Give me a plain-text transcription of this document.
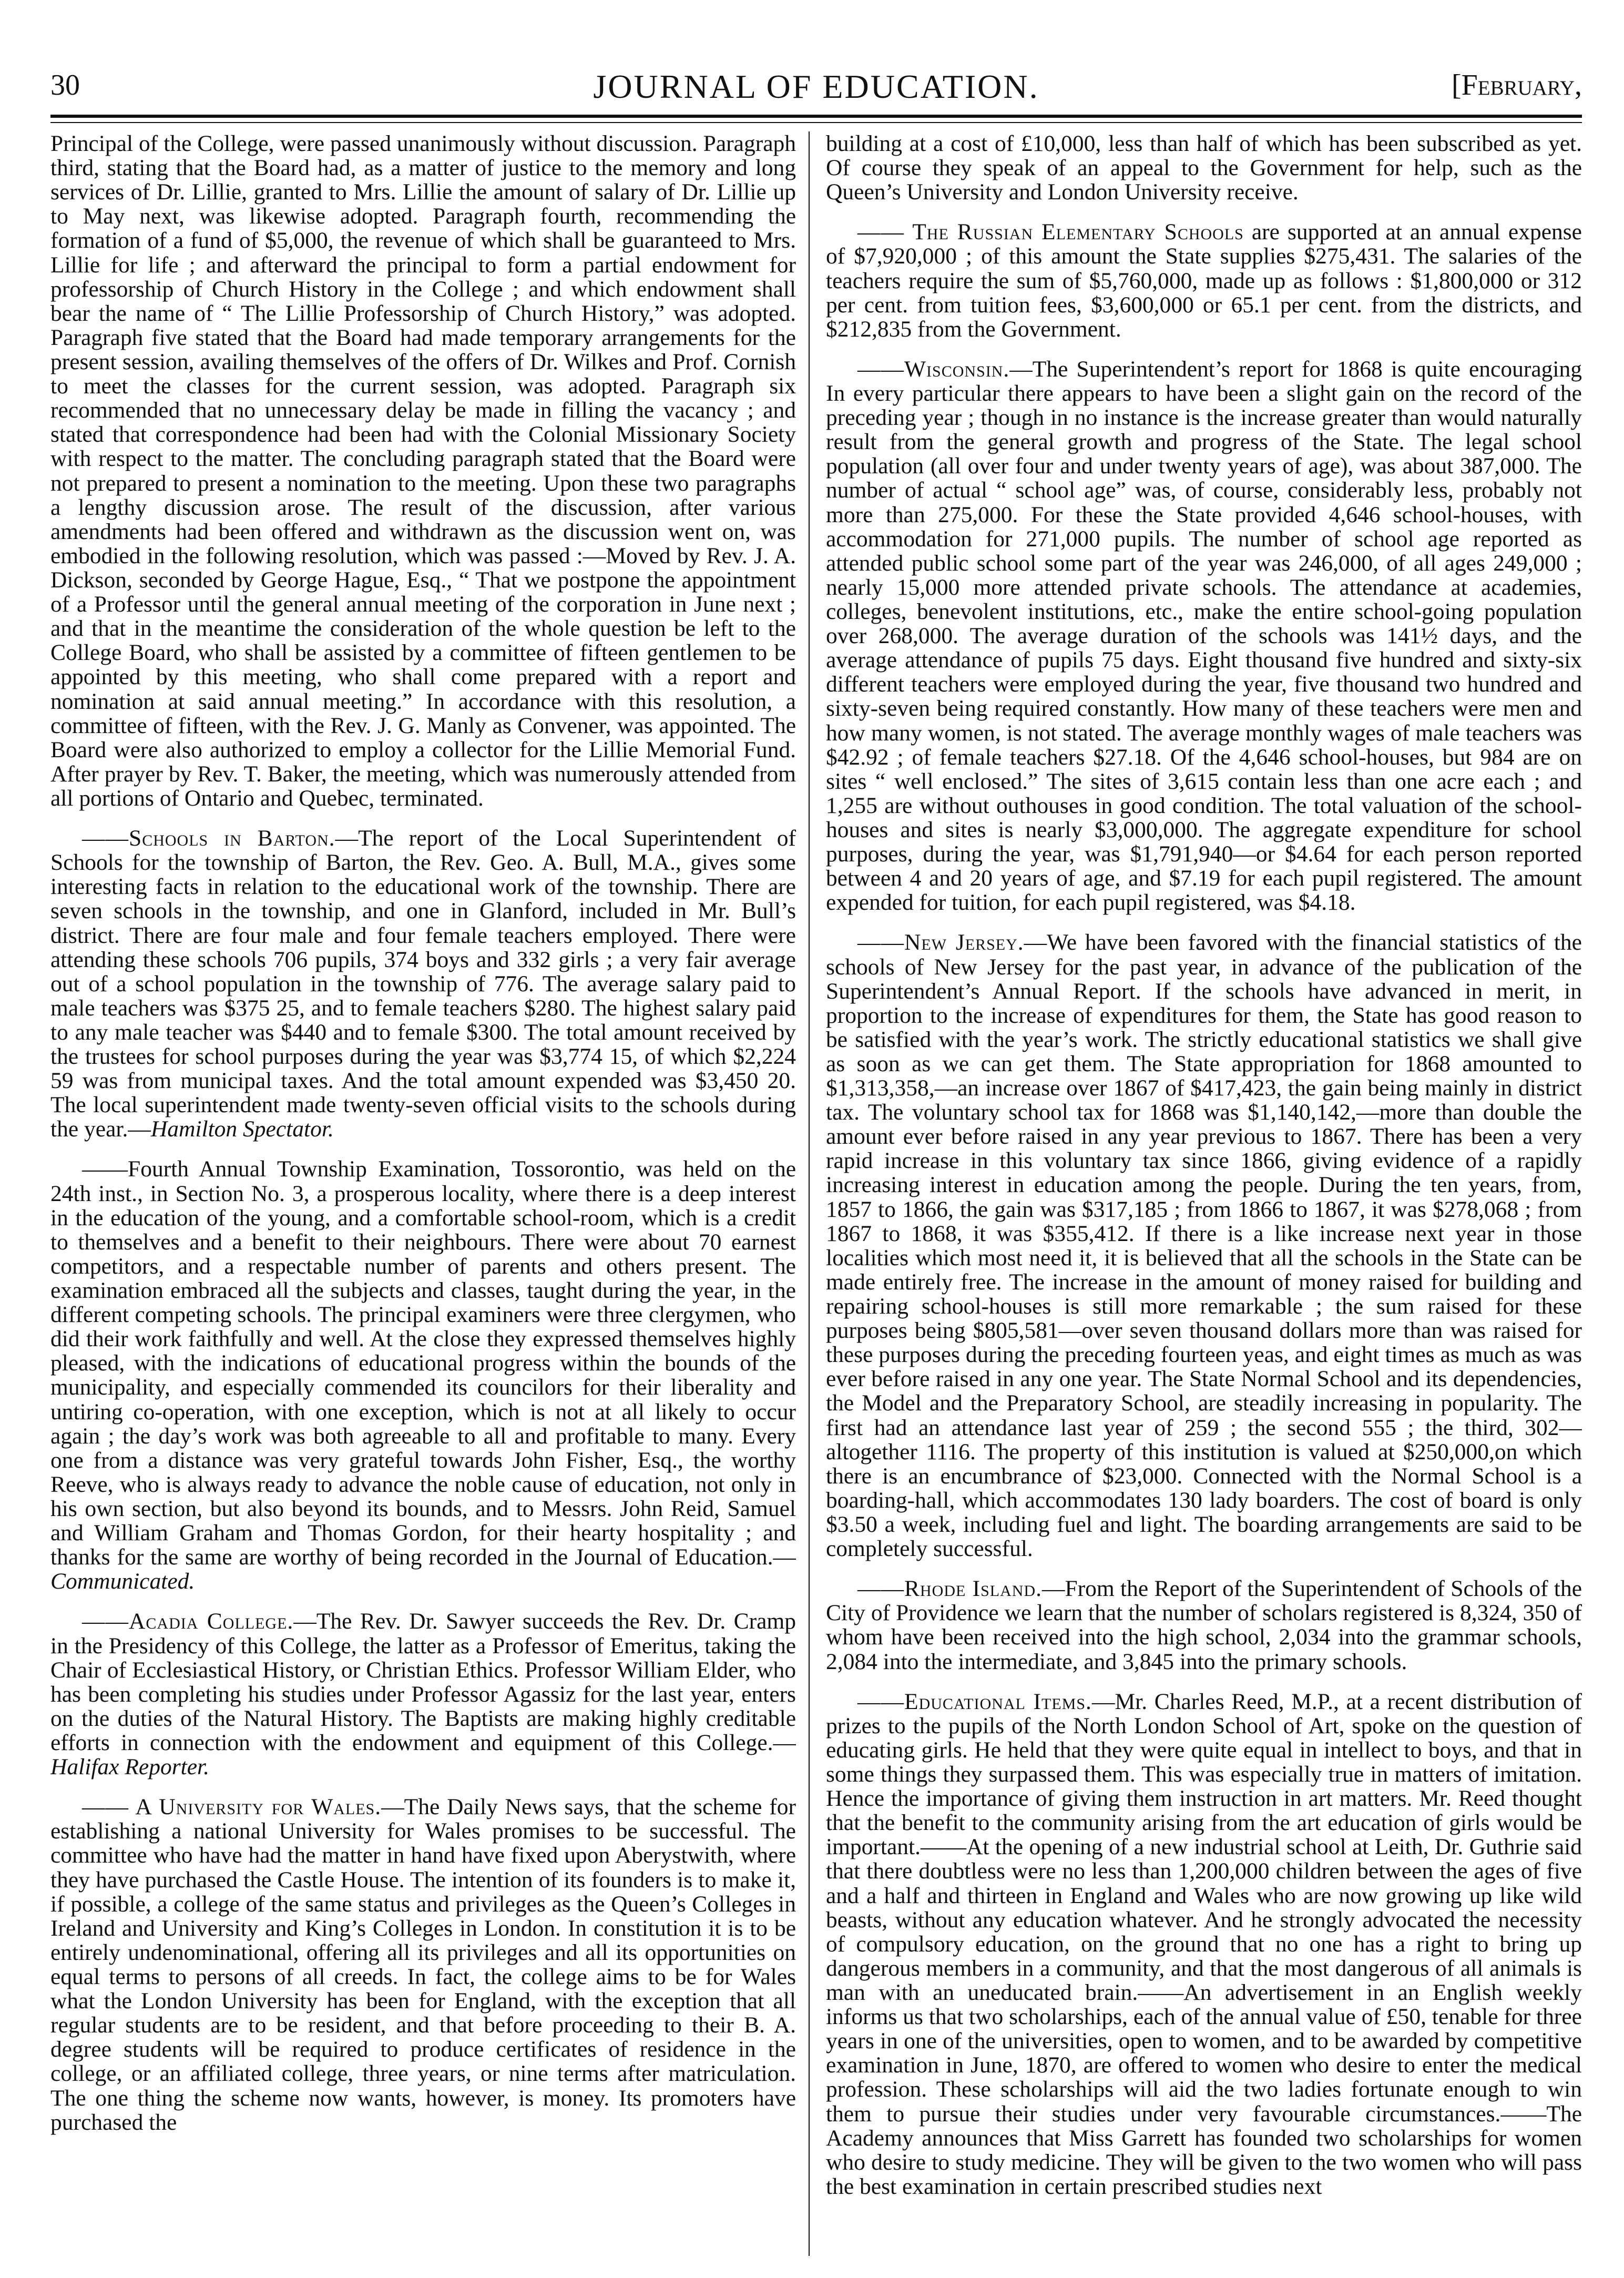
30	JOURNAL OF EDUCATION.	[February,

Principal of the College, were passed unanimously without discussion. Paragraph third, stating that the Board had, as a matter of justice to the memory and long services of Dr. Lillie, granted to Mrs. Lillie the amount of salary of Dr. Lillie up to May next, was likewise adopted. Paragraph fourth, recommending the formation of a fund of $5,000, the revenue of which shall be guaranteed to Mrs. Lillie for life ; and afterward the principal to form a partial endowment for professorship of Church History in the College ; and which endowment shall bear the name of “ The Lillie Professorship of Church History,” was adopted. Paragraph five stated that the Board had made temporary arrangements for the present session, availing themselves of the offers of Dr. Wilkes and Prof. Cornish to meet the classes for the current session, was adopted. Paragraph six recommended that no unnecessary delay be made in filling the vacancy ; and stated that correspondence had been had with the Colonial Missionary Society with respect to the matter. The concluding paragraph stated that the Board were not prepared to present a nomination to the meeting. Upon these two paragraphs a lengthy discussion arose. The result of the discussion, after various amendments had been offered and withdrawn as the discussion went on, was embodied in the following resolution, which was passed :—Moved by Rev. J. A. Dickson, seconded by George Hague, Esq., “ That we postpone the appointment of a Professor until the general annual meeting of the corporation in June next ; and that in the meantime the consideration of the whole question be left to the College Board, who shall be assisted by a committee of fifteen gentlemen to be appointed by this meeting, who shall come prepared with a report and nomination at said annual meeting.” In accordance with this resolution, a committee of fifteen, with the Rev. J. G. Manly as Convener, was appointed. The Board were also authorized to employ a collector for the Lillie Memorial Fund. After prayer by Rev. T. Baker, the meeting, which was numerously attended from all portions of Ontario and Quebec, terminated.

——Schools in Barton.—The report of the Local Superintendent of Schools for the township of Barton, the Rev. Geo. A. Bull, M.A., gives some interesting facts in relation to the educational work of the township. There are seven schools in the township, and one in Glanford, included in Mr. Bull’s district. There are four male and four female teachers employed. There were attending these schools 706 pupils, 374 boys and 332 girls ; a very fair average out of a school population in the township of 776. The average salary paid to male teachers was $375 25, and to female teachers $280. The highest salary paid to any male teacher was $440 and to female $300. The total amount received by the trustees for school purposes during the year was $3,774 15, of which $2,224 59 was from municipal taxes. And the total amount expended was $3,450 20. The local superintendent made twenty-seven official visits to the schools during the year.—Hamilton Spectator.

——Fourth Annual Township Examination, Tossorontio, was held on the 24th inst., in Section No. 3, a prosperous locality, where there is a deep interest in the education of the young, and a comfortable school-room, which is a credit to themselves and a benefit to their neighbours. There were about 70 earnest competitors, and a respectable number of parents and others present. The examination embraced all the subjects and classes, taught during the year, in the different competing schools. The principal examiners were three clergymen, who did their work faithfully and well. At the close they expressed themselves highly pleased, with the indications of educational progress within the bounds of the municipality, and especially commended its councilors for their liberality and untiring co-operation, with one exception, which is not at all likely to occur again ; the day’s work was both agreeable to all and profitable to many. Every one from a distance was very grateful towards John Fisher, Esq., the worthy Reeve, who is always ready to advance the noble cause of education, not only in his own section, but also beyond its bounds, and to Messrs. John Reid, Samuel and William Graham and Thomas Gordon, for their hearty hospitality ; and thanks for the same are worthy of being recorded in the Journal of Education.—Communicated.

——Acadia College.—The Rev. Dr. Sawyer succeeds the Rev. Dr. Cramp in the Presidency of this College, the latter as a Professor of Emeritus, taking the Chair of Ecclesiastical History, or Christian Ethics. Professor William Elder, who has been completing his studies under Professor Agassiz for the last year, enters on the duties of the Natural History. The Baptists are making highly creditable efforts in connection with the endowment and equipment of this College.—Halifax Reporter.

—— A University for Wales.—The Daily News says, that the scheme for establishing a national University for Wales promises to be successful. The committee who have had the matter in hand have fixed upon Aberystwith, where they have purchased the Castle House. The intention of its founders is to make it, if possible, a college of the same status and privileges as the Queen’s Colleges in Ireland and University and King’s Colleges in London. In constitution it is to be entirely undenominational, offering all its privileges and all its opportunities on equal terms to persons of all creeds. In fact, the college aims to be for Wales what the London University has been for England, with the exception that all regular students are to be resident, and that before proceeding to their B. A. degree students will be required to produce certificates of residence in the college, or an affiliated college, three years, or nine terms after matriculation. The one thing the scheme now wants, however, is money. Its promoters have purchased the

building at a cost of £10,000, less than half of which has been subscribed as yet. Of course they speak of an appeal to the Government for help, such as the Queen’s University and London University receive.

—— The Russian Elementary Schools are supported at an annual expense of $7,920,000 ; of this amount the State supplies $275,431. The salaries of the teachers require the sum of $5,760,000, made up as follows : $1,800,000 or 312 per cent. from tuition fees, $3,600,000 or 65.1 per cent. from the districts, and $212,835 from the Government.

——Wisconsin.—The Superintendent’s report for 1868 is quite encouraging In every particular there appears to have been a slight gain on the record of the preceding year ; though in no instance is the increase greater than would naturally result from the general growth and progress of the State. The legal school population (all over four and under twenty years of age), was about 387,000. The number of actual “ school age” was, of course, considerably less, probably not more than 275,000. For these the State provided 4,646 school-houses, with accommodation for 271,000 pupils. The number of school age reported as attended public school some part of the year was 246,000, of all ages 249,000 ; nearly 15,000 more attended private schools. The attendance at academies, colleges, benevolent institutions, etc., make the entire school-going population over 268,000. The average duration of the schools was 141½ days, and the average attendance of pupils 75 days. Eight thousand five hundred and sixty-six different teachers were employed during the year, five thousand two hundred and sixty-seven being required constantly. How many of these teachers were men and how many women, is not stated. The average monthly wages of male teachers was $42.92 ; of female teachers $27.18. Of the 4,646 school-houses, but 984 are on sites “ well enclosed.” The sites of 3,615 contain less than one acre each ; and 1,255 are without outhouses in good condition. The total valuation of the school-houses and sites is nearly $3,000,000. The aggregate expenditure for school purposes, during the year, was $1,791,940—or $4.64 for each person reported between 4 and 20 years of age, and $7.19 for each pupil registered. The amount expended for tuition, for each pupil registered, was $4.18.

——New Jersey.—We have been favored with the financial statistics of the schools of New Jersey for the past year, in advance of the publication of the Superintendent’s Annual Report. If the schools have advanced in merit, in proportion to the increase of expenditures for them, the State has good reason to be satisfied with the year’s work. The strictly educational statistics we shall give as soon as we can get them. The State appropriation for 1868 amounted to $1,313,358,—an increase over 1867 of $417,423, the gain being mainly in district tax. The voluntary school tax for 1868 was $1,140,142,—more than double the amount ever before raised in any year previous to 1867. There has been a very rapid increase in this voluntary tax since 1866, giving evidence of a rapidly increasing interest in education among the people. During the ten years, from, 1857 to 1866, the gain was $317,185 ; from 1866 to 1867, it was $278,068 ; from 1867 to 1868, it was $355,412. If there is a like increase next year in those localities which most need it, it is believed that all the schools in the State can be made entirely free. The increase in the amount of money raised for building and repairing school-houses is still more remarkable ; the sum raised for these purposes being $805,581—over seven thousand dollars more than was raised for these purposes during the preceding fourteen yeas, and eight times as much as was ever before raised in any one year. The State Normal School and its dependencies, the Model and the Preparatory School, are steadily increasing in popularity. The first had an attendance last year of 259 ; the second 555 ; the third, 302—altogether 1116. The property of this institution is valued at $250,000,on which there is an encumbrance of $23,000. Connected with the Normal School is a boarding-hall, which accommodates 130 lady boarders. The cost of board is only $3.50 a week, including fuel and light. The boarding arrangements are said to be completely successful.

——Rhode Island.—From the Report of the Superintendent of Schools of the City of Providence we learn that the number of scholars registered is 8,324, 350 of whom have been received into the high school, 2,034 into the grammar schools, 2,084 into the intermediate, and 3,845 into the primary schools.

——Educational Items.—Mr. Charles Reed, M.P., at a recent distribution of prizes to the pupils of the North London School of Art, spoke on the question of educating girls. He held that they were quite equal in intellect to boys, and that in some things they surpassed them. This was especially true in matters of imitation. Hence the importance of giving them instruction in art matters. Mr. Reed thought that the benefit to the community arising from the art education of girls would be important.——At the opening of a new industrial school at Leith, Dr. Guthrie said that there doubtless were no less than 1,200,000 children between the ages of five and a half and thirteen in England and Wales who are now growing up like wild beasts, without any education whatever. And he strongly advocated the necessity of compulsory education, on the ground that no one has a right to bring up dangerous members in a community, and that the most dangerous of all animals is man with an uneducated brain.——An advertisement in an English weekly informs us that two scholarships, each of the annual value of £50, tenable for three years in one of the universities, open to women, and to be awarded by competitive examination in June, 1870, are offered to women who desire to enter the medical profession. These scholarships will aid the two ladies fortunate enough to win them to pursue their studies under very favourable circumstances.——The Academy announces that Miss Garrett has founded two scholarships for women who desire to study medicine. They will be given to the two women who will pass the best examination in certain prescribed studies next
